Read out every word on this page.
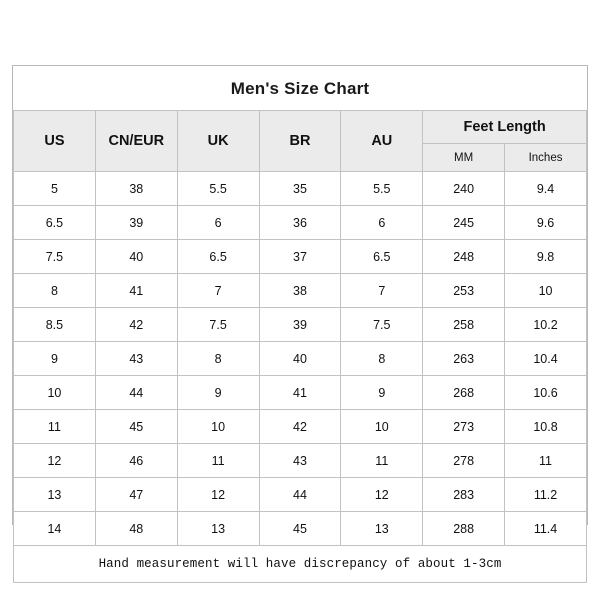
Men's Size Chart
US	CN/EUR	UK	BR	AU	Feet Length	
					MM	Inches
5	38	5.5	35	5.5	240	9.4
6.5	39	6	36	6	245	9.6
7.5	40	6.5	37	6.5	248	9.8
8	41	7	38	7	253	10
8.5	42	7.5	39	7.5	258	10.2
9	43	8	40	8	263	10.4
10	44	9	41	9	268	10.6
11	45	10	42	10	273	10.8
12	46	11	43	11	278	11
13	47	12	44	12	283	11.2
14	48	13	45	13	288	11.4
Hand measurement will have discrepancy of about 1-3cm						
